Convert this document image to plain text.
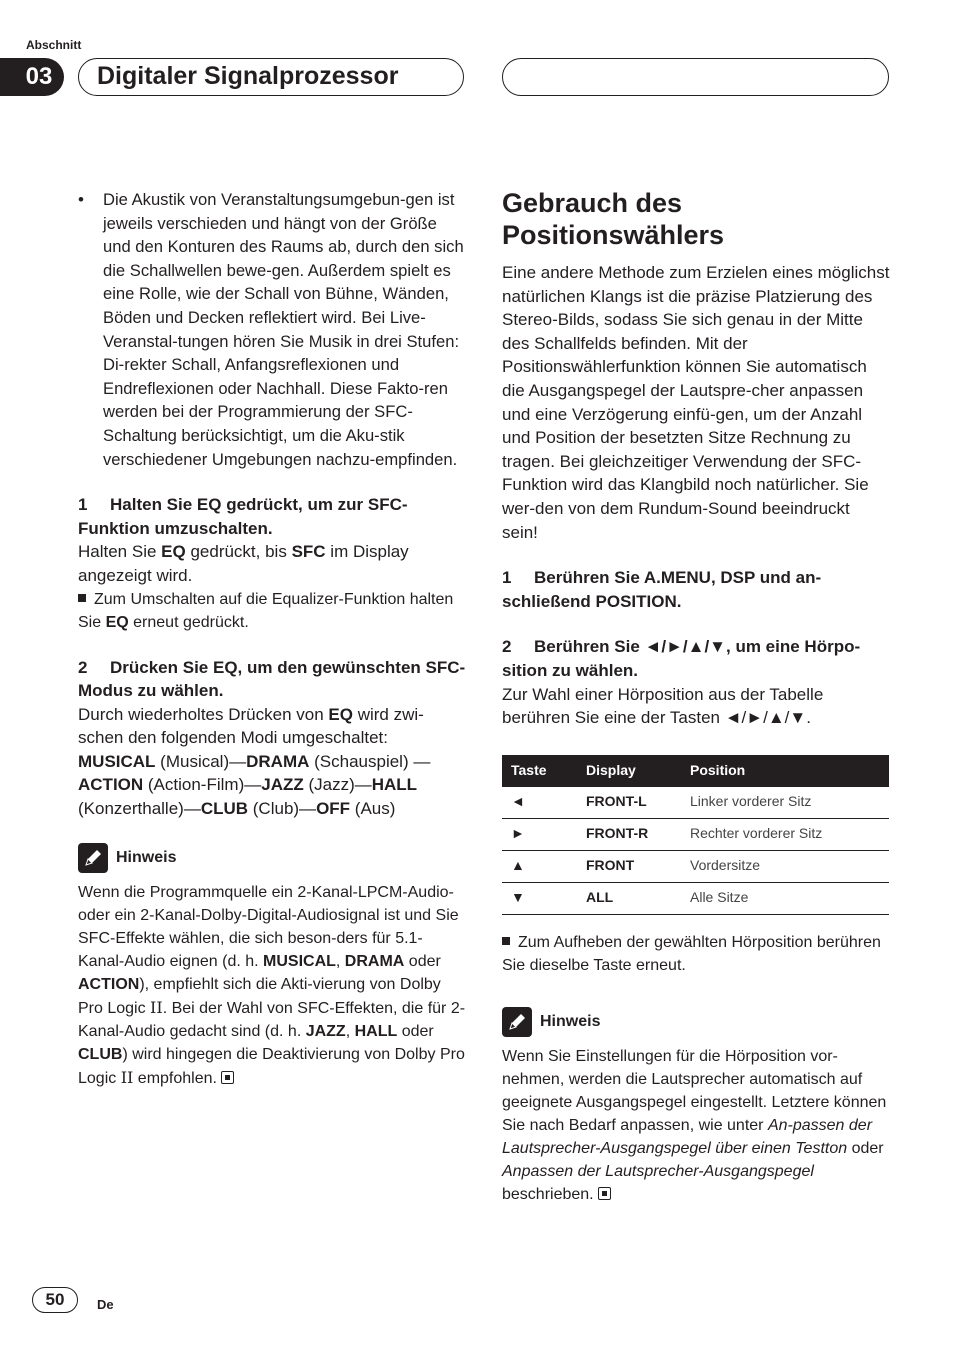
Abschnitt
03	Digitaler Signalprozessor
•	Die Akustik von Veranstaltungsumgebun-gen ist jeweils verschieden und hängt von der Größe und den Konturen des Raums ab, durch den sich die Schallwellen bewe-gen. Außerdem spielt es eine Rolle, wie der Schall von Bühne, Wänden, Böden und Decken reflektiert wird. Bei Live-Veranstal-tungen hören Sie Musik in drei Stufen: Di-rekter Schall, Anfangsreflexionen und Endreflexionen oder Nachhall. Diese Fakto-ren werden bei der Programmierung der SFC-Schaltung berücksichtigt, um die Aku-stik verschiedener Umgebungen nachzu-empfinden.

1 Halten Sie EQ gedrückt, um zur SFC-Funktion umzuschalten.

Halten Sie EQ gedrückt, bis SFC im Display angezeigt wird.

Zum Umschalten auf die Equalizer-Funktion halten Sie EQ erneut gedrückt.

2 Drücken Sie EQ, um den gewünschten SFC-Modus zu wählen.

Durch wiederholtes Drücken von EQ wird zwi-schen den folgenden Modi umgeschaltet:
MUSICAL (Musical)—DRAMA (Schauspiel) —ACTION (Action-Film)—JAZZ (Jazz)—HALL (Konzerthalle)—CLUB (Club)—OFF (Aus)

Hinweis

Wenn die Programmquelle ein 2-Kanal-LPCM-Audio- oder ein 2-Kanal-Dolby-Digital-Audiosignal ist und Sie SFC-Effekte wählen, die sich beson-ders für 5.1-Kanal-Audio eignen (d. h. MUSICAL, DRAMA oder ACTION), empfiehlt sich die Akti-vierung von Dolby Pro Logic II. Bei der Wahl von SFC-Effekten, die für 2-Kanal-Audio gedacht sind (d. h. JAZZ, HALL oder CLUB) wird hingegen die Deaktivierung von Dolby Pro Logic II empfohlen.

Gebrauch des Positionswählers

Eine andere Methode zum Erzielen eines möglichst natürlichen Klangs ist die präzise Platzierung des Stereo-Bilds, sodass Sie sich genau in der Mitte des Schallfelds befinden. Mit der Positionswählerfunktion können Sie automatisch die Ausgangspegel der Lautspre-cher anpassen und eine Verzögerung einfü-gen, um der Anzahl und Position der besetzten Sitze Rechnung zu tragen. Bei gleichzeitiger Verwendung der SFC-Funktion wird das Klangbild noch natürlicher. Sie wer-den von dem Rundum-Sound beeindruckt sein!

1 Berühren Sie A.MENU, DSP und an-schließend POSITION.

2 Berühren Sie ◄/►/▲/▼, um eine Hörpo-sition zu wählen.

Zur Wahl einer Hörposition aus der Tabelle berühren Sie eine der Tasten ◄/►/▲/▼.

Taste	Display	Position
◄	FRONT-L	Linker vorderer Sitz
►	FRONT-R	Rechter vorderer Sitz
▲	FRONT	Vordersitze
▼	ALL	Alle Sitze

Zum Aufheben der gewählten Hörposition berühren Sie dieselbe Taste erneut.

Hinweis

Wenn Sie Einstellungen für die Hörposition vor-nehmen, werden die Lautsprecher automatisch auf geeignete Ausgangspegel eingestellt. Letztere können Sie nach Bedarf anpassen, wie unter An-passen der Lautsprecher-Ausgangspegel über einen Testton oder Anpassen der Lautsprecher-Ausgangspegel beschrieben.

50	De
